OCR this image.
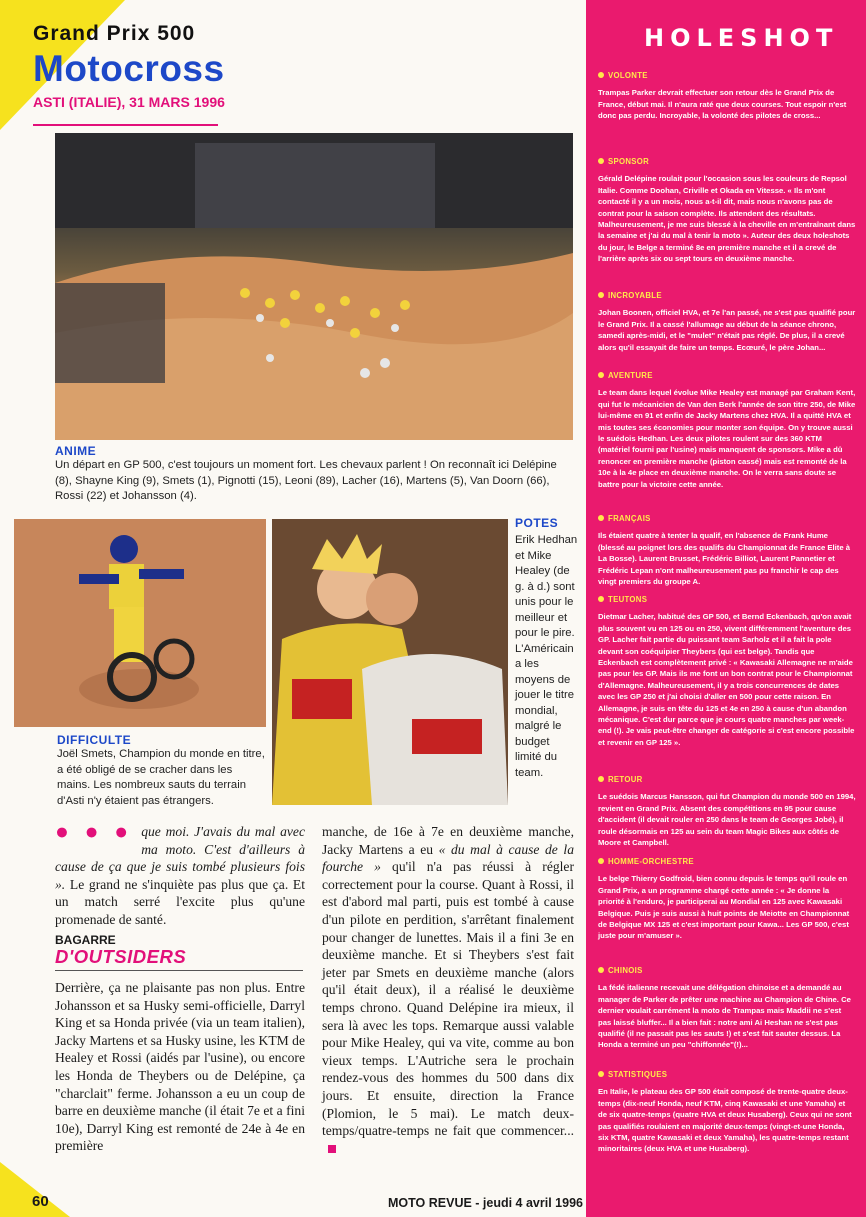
Grand Prix 500
Motocross
ASTI (ITALIE), 31 MARS 1996
ANIME
Un départ en GP 500, c'est toujours un moment fort. Les chevaux parlent ! On reconnaît ici Delépine (8), Shayne King (9), Smets (1), Pignotti (15), Leoni (89), Lacher (16), Martens (5), Van Doorn (66), Rossi (22) et Johansson (4).
DIFFICULTE
Joël Smets, Champion du monde en titre, a été obligé de se cracher dans les mains. Les nombreux sauts du terrain d'Asti n'y étaient pas étrangers.
POTES
Erik Hedhan et Mike Healey (de g. à d.) sont unis pour le meilleur et pour le pire. L'Américain a les moyens de jouer le titre mondial, malgré le budget limité du team.

● ● ● que moi. J'avais du mal avec ma moto. C'est d'ailleurs à cause de ça que je suis tombé plusieurs fois ». Le grand ne s'inquiète pas plus que ça. Et un match serré l'excite plus qu'une promenade de santé.

BAGARRE
D'OUTSIDERS

Derrière, ça ne plaisante pas non plus. Entre Johansson et sa Husky semi-officielle, Darryl King et sa Honda privée (via un team italien), Jacky Martens et sa Husky usine, les KTM de Healey et Rossi (aidés par l'usine), ou encore les Honda de Theybers ou de Delépine, ça "charclait" ferme. Johansson a eu un coup de barre en deuxième manche (il était 7e et a fini 10e), Darryl King est remonté de 24e à 4e en première

manche, de 16e à 7e en deuxième manche, Jacky Martens a eu « du mal à cause de la fourche » qu'il n'a pas réussi à régler correctement pour la course. Quant à Rossi, il est d'abord mal parti, puis est tombé à cause d'un pilote en perdition, s'arrêtant finalement pour changer de lunettes. Mais il a fini 3e en deuxième manche. Et si Theybers s'est fait jeter par Smets en deuxième manche (alors qu'il était deux), il a réalisé le deuxième temps chrono. Quand Delépine ira mieux, il sera là avec les tops. Remarque aussi valable pour Mike Healey, qui va vite, comme au bon vieux temps. L'Autriche sera le prochain rendez-vous des hommes du 500 dans dix jours. Et ensuite, direction la France (Plomion, le 5 mai). Le match deux-temps/quatre-temps ne fait que commencer...

60	MOTO REVUE - jeudi 4 avril 1996
HOLESHOT
VOLONTE
Trampas Parker devrait effectuer son retour dès le Grand Prix de France, début mai. Il n'aura raté que deux courses. Tout espoir n'est donc pas perdu. Incroyable, la volonté des pilotes de cross...
SPONSOR
Gérald Delépine roulait pour l'occasion sous les couleurs de Repsol Italie. Comme Doohan, Criville et Okada en Vitesse. « Ils m'ont contacté il y a un mois, nous a-t-il dit, mais nous n'avons pas de contrat pour la saison complète. Ils attendent des résultats. Malheureusement, je me suis blessé à la cheville en m'entraînant dans la semaine et j'ai du mal à tenir la moto ». Auteur des deux holeshots du jour, le Belge a terminé 8e en première manche et il a crevé de l'arrière après six ou sept tours en deuxième manche.
INCROYABLE
Johan Boonen, officiel HVA, et 7e l'an passé, ne s'est pas qualifié pour le Grand Prix. Il a cassé l'allumage au début de la séance chrono, samedi après-midi, et le "mulet" n'était pas réglé. De plus, il a crevé alors qu'il essayait de faire un temps. Ecœuré, le père Johan...
AVENTURE
Le team dans lequel évolue Mike Healey est managé par Graham Kent, qui fut le mécanicien de Van den Berk l'année de son titre 250, de Mike lui-même en 91 et enfin de Jacky Martens chez HVA. Il a quitté HVA et mis toutes ses économies pour monter son équipe. On y trouve aussi le suédois Hedhan. Les deux pilotes roulent sur des 360 KTM (matériel fourni par l'usine) mais manquent de sponsors. Mike a dû renoncer en première manche (piston cassé) mais est remonté de la 10e à la 4e place en deuxième manche. On le verra sans doute se battre pour la victoire cette année.
FRANÇAIS
Ils étaient quatre à tenter la qualif, en l'absence de Frank Hume (blessé au poignet lors des qualifs du Championnat de France Elite à La Bosse). Laurent Brusset, Frédéric Billiot, Laurent Pannetier et Frédéric Lepan n'ont malheureusement pas pu franchir le cap des vingt premiers du groupe A.
TEUTONS
Dietmar Lacher, habitué des GP 500, et Bernd Eckenbach, qu'on avait plus souvent vu en 125 ou en 250, vivent différemment l'aventure des GP. Lacher fait partie du puissant team Sarholz et il a fait la pole devant son coéquipier Theybers (qui est belge). Tandis que Eckenbach est complètement privé : « Kawasaki Allemagne ne m'aide pas pour les GP. Mais ils me font un bon contrat pour le Championnat d'Allemagne. Malheureusement, il y a trois concurrences de dates avec les GP 250 et j'ai choisi d'aller en 500 pour cette raison. En Allemagne, je suis en tête du 125 et 4e en 250 à cause d'un abandon mécanique. C'est dur parce que je cours quatre manches par week-end (!). Je vais peut-être changer de catégorie si c'est encore possible et revenir en GP 125 ».
RETOUR
Le suédois Marcus Hansson, qui fut Champion du monde 500 en 1994, revient en Grand Prix. Absent des compétitions en 95 pour cause d'accident (il devait rouler en 250 dans le team de Georges Jobé), il roule désormais en 125 au sein du team Magic Bikes aux côtés de Moore et Campbell.
HOMME-ORCHESTRE
Le belge Thierry Godfroid, bien connu depuis le temps qu'il roule en Grand Prix, a un programme chargé cette année : « Je donne la priorité à l'enduro, je participerai au Mondial en 125 avec Kawasaki Belgique. Puis je suis aussi à huit points de Meiotte en Championnat de Belgique MX 125 et c'est important pour Kawa... Les GP 500, c'est juste pour m'amuser ».
CHINOIS
La fédé italienne recevait une délégation chinoise et a demandé au manager de Parker de prêter une machine au Champion de Chine. Ce dernier voulait carrément la moto de Trampas mais Maddii ne s'est pas laissé bluffer... Il a bien fait : notre ami Ai Heshan ne s'est pas qualifié (il ne passait pas les sauts !) et s'est fait sauter dessus. La Honda a terminé un peu "chiffonnée"(!)...
STATISTIQUES
En Italie, le plateau des GP 500 était composé de trente-quatre deux-temps (dix-neuf Honda, neuf KTM, cinq Kawasaki et une Yamaha) et de six quatre-temps (quatre HVA et deux Husaberg). Ceux qui ne sont pas qualifiés roulaient en majorité deux-temps (vingt-et-une Honda, six KTM, quatre Kawasaki et deux Yamaha), les quatre-temps restant minoritaires (deux HVA et une Husaberg).
